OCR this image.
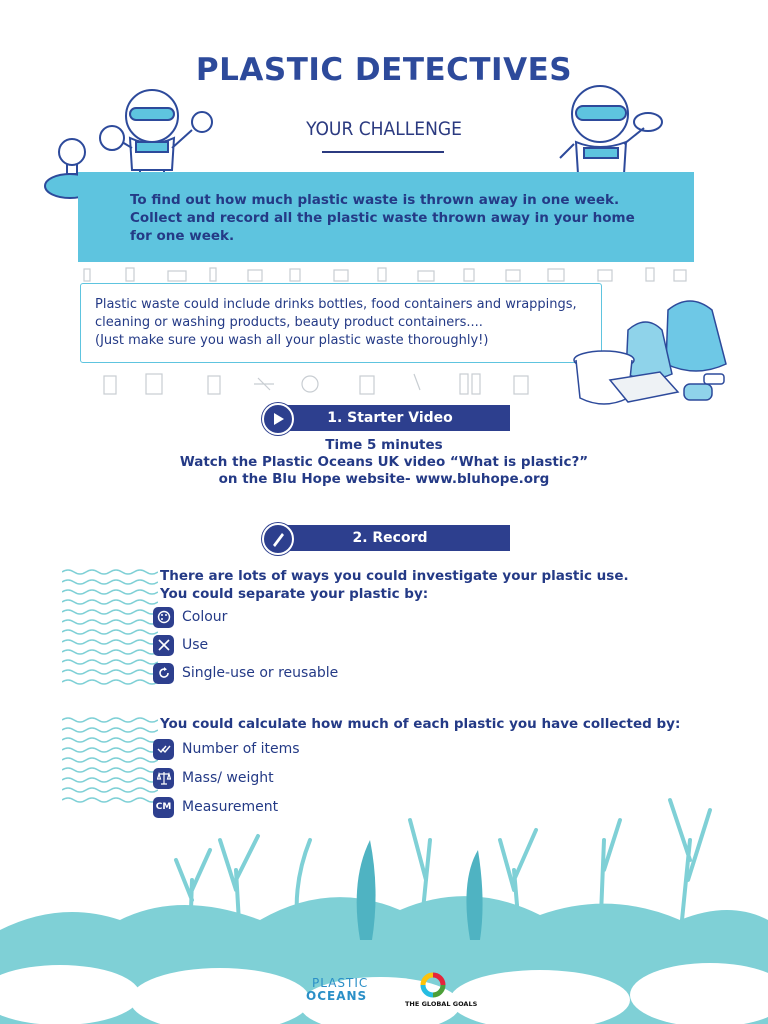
PLASTIC DETECTIVES
YOUR CHALLENGE
To find out how much plastic waste is thrown away in one week.
Collect and record all the plastic waste thrown away in your home
for one week.
Plastic waste could include drinks bottles, food containers and wrappings,
cleaning or washing products, beauty product containers....
(Just make sure you wash all your plastic waste thoroughly!)
1. Starter Video
Time 5 minutes
Watch the Plastic Oceans UK video “What is plastic?”
on the Blu Hope website- www.bluhope.org
2. Record
There are lots of ways you could investigate your plastic use.
You could separate your plastic by:
Colour
Use
Single-use or reusable
You could calculate how much of each plastic you have collected by:
Number of items
Mass/ weight
CM Measurement
PLASTIC
OCEANS
THE GLOBAL GOALS
